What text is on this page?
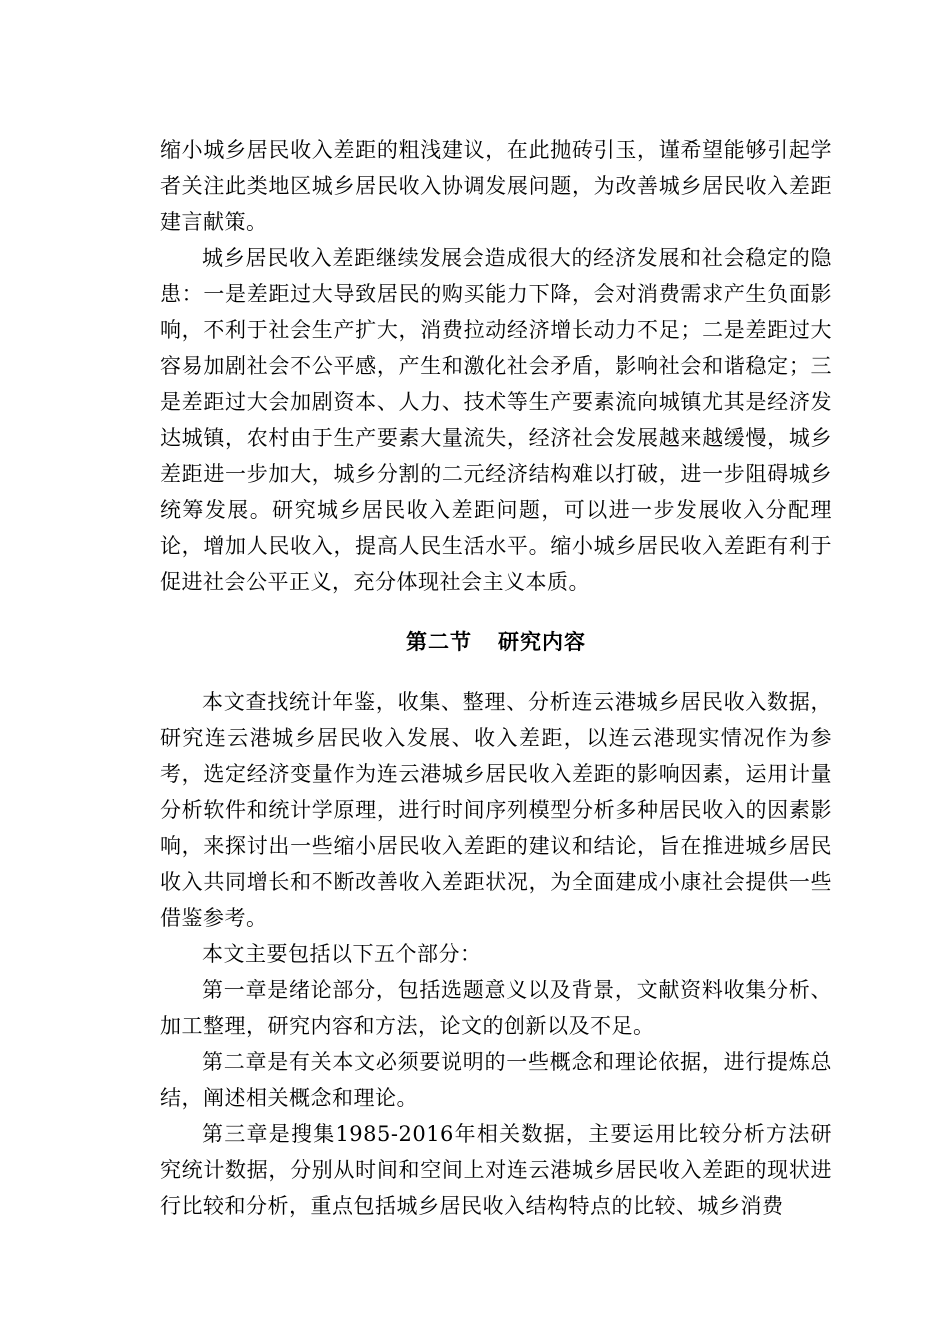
缩小城乡居民收入差距的粗浅建议，在此抛砖引玉，谨希望能够引起学者关注此类地区城乡居民收入协调发展问题，为改善城乡居民收入差距建言献策。

城乡居民收入差距继续发展会造成很大的经济发展和社会稳定的隐患：一是差距过大导致居民的购买能力下降，会对消费需求产生负面影响，不利于社会生产扩大，消费拉动经济增长动力不足；二是差距过大容易加剧社会不公平感，产生和激化社会矛盾，影响社会和谐稳定；三是差距过大会加剧资本、人力、技术等生产要素流向城镇尤其是经济发达城镇，农村由于生产要素大量流失，经济社会发展越来越缓慢，城乡差距进一步加大，城乡分割的二元经济结构难以打破，进一步阻碍城乡统筹发展。研究城乡居民收入差距问题，可以进一步发展收入分配理论，增加人民收入，提高人民生活水平。缩小城乡居民收入差距有利于促进社会公平正义，充分体现社会主义本质。

第二节 研究内容

本文查找统计年鉴，收集、整理、分析连云港城乡居民收入数据，研究连云港城乡居民收入发展、收入差距，以连云港现实情况作为参考，选定经济变量作为连云港城乡居民收入差距的影响因素，运用计量分析软件和统计学原理，进行时间序列模型分析多种居民收入的因素影响，来探讨出一些缩小居民收入差距的建议和结论，旨在推进城乡居民收入共同增长和不断改善收入差距状况，为全面建成小康社会提供一些借鉴参考。

本文主要包括以下五个部分：

第一章是绪论部分，包括选题意义以及背景，文献资料收集分析、加工整理，研究内容和方法，论文的创新以及不足。

第二章是有关本文必须要说明的一些概念和理论依据，进行提炼总结，阐述相关概念和理论。

第三章是搜集1985-2016年相关数据，主要运用比较分析方法研究统计数据，分别从时间和空间上对连云港城乡居民收入差距的现状进行比较和分析，重点包括城乡居民收入结构特点的比较、城乡消费
